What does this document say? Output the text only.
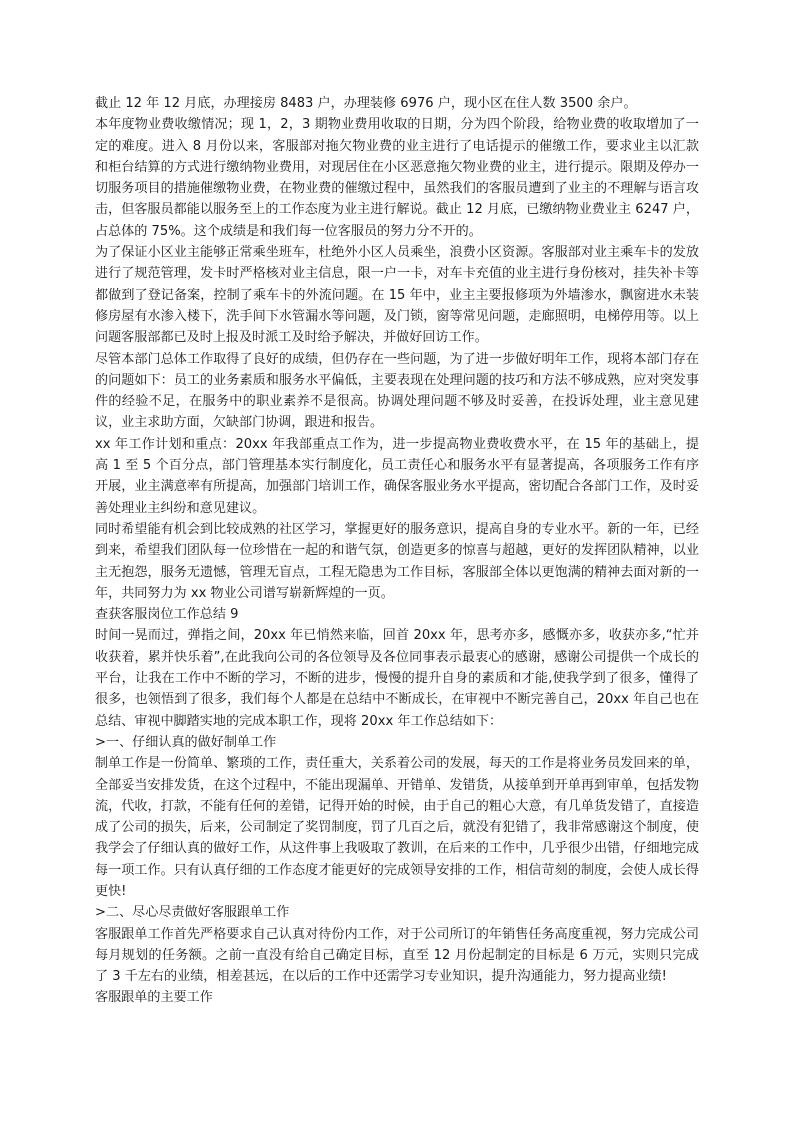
截止 12 年 12 月底，办理接房 8483 户，办理装修 6976 户，现小区在住人数 3500 余户。

本年度物业费收缴情况；现 1，2，3 期物业费用收取的日期，分为四个阶段，给物业费的收取增加了一定的难度。进入 8 月份以来，客服部对拖欠物业费的业主进行了电话提示的催缴工作，要求业主以汇款和柜台结算的方式进行缴纳物业费用，对现居住在小区恶意拖欠物业费的业主，进行提示。限期及停办一切服务项目的措施催缴物业费，在物业费的催缴过程中，虽然我们的客服员遭到了业主的不理解与语言攻击，但客服员都能以服务至上的工作态度为业主进行解说。截止 12 月底，已缴纳物业费业主 6247 户，占总体的 75%。这个成绩是和我们每一位客服员的努力分不开的。

为了保证小区业主能够正常乘坐班车，杜绝外小区人员乘坐，浪费小区资源。客服部对业主乘车卡的发放进行了规范管理，发卡时严格核对业主信息，限一户一卡，对车卡充值的业主进行身份核对，挂失补卡等都做到了登记备案，控制了乘车卡的外流问题。在 15 年中，业主主要报修项为外墙渗水，飘窗进水未装修房屋有水渗入楼下，洗手间下水管漏水等问题，及门锁，窗等常见问题，走廊照明，电梯停用等。以上问题客服部都已及时上报及时派工及时给予解决，并做好回访工作。

尽管本部门总体工作取得了良好的成绩，但仍存在一些问题，为了进一步做好明年工作，现将本部门存在的问题如下：员工的业务素质和服务水平偏低，主要表现在处理问题的技巧和方法不够成熟，应对突发事件的经验不足，在服务中的职业素养不是很高。协调处理问题不够及时妥善，在投诉处理，业主意见建议，业主求助方面，欠缺部门协调，跟进和报告。

xx 年工作计划和重点：20xx 年我部重点工作为，进一步提高物业费收费水平，在 15 年的基础上，提高 1 至 5 个百分点，部门管理基本实行制度化，员工责任心和服务水平有显著提高，各项服务工作有序开展，业主满意率有所提高，加强部门培训工作，确保客服业务水平提高，密切配合各部门工作，及时妥善处理业主纠纷和意见建议。

同时希望能有机会到比较成熟的社区学习，掌握更好的服务意识，提高自身的专业水平。新的一年，已经到来，希望我们团队每一位珍惜在一起的和谐气氛，创造更多的惊喜与超越，更好的发挥团队精神，以业主无抱怨，服务无遗憾，管理无盲点，工程无隐患为工作目标，客服部全体以更饱满的精神去面对新的一年，共同努力为 xx 物业公司谱写崭新辉煌的一页。

查获客服岗位工作总结 9

时间一晃而过，弹指之间，20xx 年已悄然来临，回首 20xx 年，思考亦多，感慨亦多，收获亦多,“忙并收获着，累并快乐着”,在此我向公司的各位领导及各位同事表示最衷心的感谢，感谢公司提供一个成长的平台，让我在工作中不断的学习，不断的进步，慢慢的提升自身的素质和才能,使我学到了很多，懂得了很多，也领悟到了很多，我们每个人都是在总结中不断成长，在审视中不断完善自己，20xx 年自己也在总结、审视中脚踏实地的完成本职工作，现将 20xx 年工作总结如下：

>一、仔细认真的做好制单工作

制单工作是一份简单、繁琐的工作，责任重大，关系着公司的发展，每天的工作是将业务员发回来的单，全部妥当安排发货，在这个过程中，不能出现漏单、开错单、发错货，从接单到开单再到审单，包括发物流，代收，打款，不能有任何的差错，记得开始的时候，由于自己的粗心大意，有几单货发错了，直接造成了公司的损失，后来，公司制定了奖罚制度，罚了几百之后，就没有犯错了，我非常感谢这个制度，使我学会了仔细认真的做好工作，从这件事上我吸取了教训，在后来的工作中，几乎很少出错，仔细地完成每一项工作。只有认真仔细的工作态度才能更好的完成领导安排的工作，相信苛刻的制度，会使人成长得更快!

>二、尽心尽责做好客服跟单工作

客服跟单工作首先严格要求自己认真对待份内工作，对于公司所订的年销售任务高度重视，努力完成公司每月规划的任务额。之前一直没有给自己确定目标，直至 12 月份起制定的目标是 6 万元，实则只完成了 3 千左右的业绩，相差甚远，在以后的工作中还需学习专业知识，提升沟通能力，努力提高业绩!

客服跟单的主要工作
